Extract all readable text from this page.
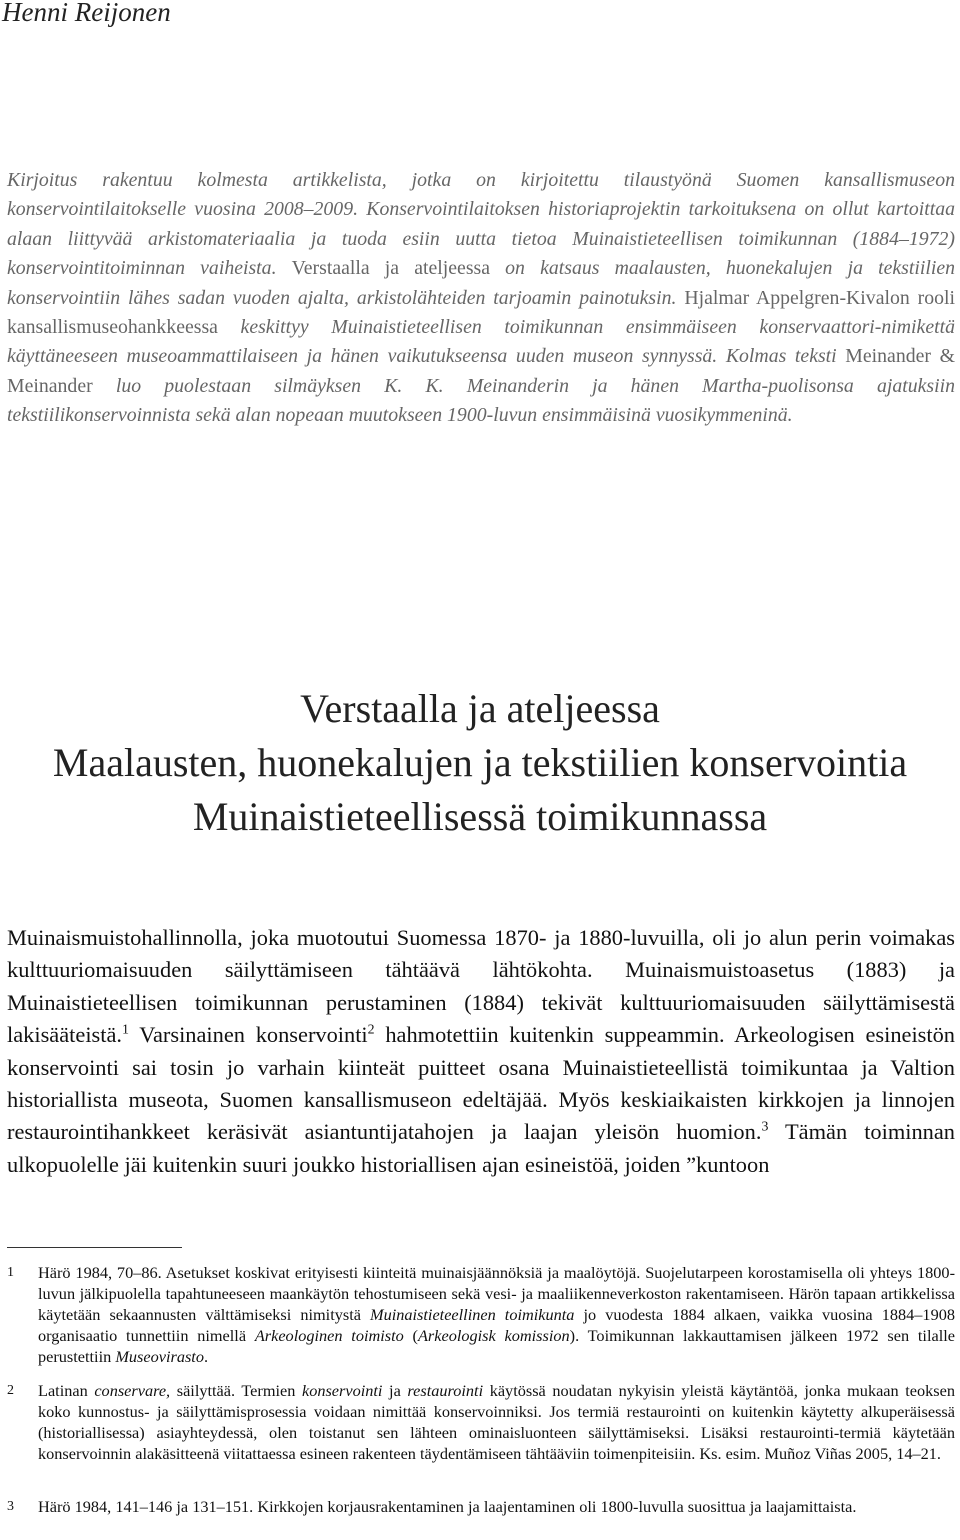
Henni Reijonen
Kirjoitus rakentuu kolmesta artikkelista, jotka on kirjoitettu tilaustyönä Suomen kansallismuseon konservointilaitokselle vuosina 2008–2009. Konservointilaitoksen historiaprojektin tarkoituksena on ollut kartoittaa alaan liittyvää arkistomateriaalia ja tuoda esiin uutta tietoa Muinaistieteellisen toimikunnan (1884–1972) konservointitoiminnan vaiheista. Verstaalla ja ateljeessa on katsaus maalausten, huonekalujen ja tekstiilien konservointiin lähes sadan vuoden ajalta, arkistolähteiden tarjoamin painotuksin. Hjalmar Appelgren-Kivalon rooli kansallismuseohankkeessa keskittyy Muinaistieteellisen toimikunnan ensimmäiseen konservaattori-nimikettä käyttäneeseen museoammattilaiseen ja hänen vaikutukseensa uuden museon synnyssä. Kolmas teksti Meinander & Meinander luo puolestaan silmäyksen K. K. Meinanderin ja hänen Martha-puolisonsa ajatuksiin tekstiilikonservoinnista sekä alan nopeaan muutokseen 1900-luvun ensimmäisinä vuosikymmeninä.
Verstaalla ja ateljeessa
Maalausten, huonekalujen ja tekstiilien konservointia
Muinaistieteellisessä toimikunnassa
Muinaismuistohallinnolla, joka muotoutui Suomessa 1870- ja 1880-luvuilla, oli jo alun perin voimakas kulttuuriomaisuuden säilyttämiseen tähtäävä lähtökohta. Muinaismuistoasetus (1883) ja Muinaistieteellisen toimikunnan perustaminen (1884) tekivät kulttuuriomaisuuden säilyttämisestä lakisääteistä.$^1$ Varsinainen konservointi$^2$ hahmotettiin kuitenkin suppeammin. Arkeologisen esineistön konservointi sai tosin jo varhain kiinteät puitteet osana Muinaistieteellistä toimikuntaa ja Valtion historiallista museota, Suomen kansallismuseon edeltäjää. Myös keskiaikaisten kirkkojen ja linnojen restaurointihankkeet keräsivät asiantuntijatahojen ja laajan yleisön huomion.$^3$ Tämän toiminnan ulkopuolelle jäi kuitenkin suuri joukko historiallisen ajan esineistöä, joiden ”kuntoon
1	Härö 1984, 70–86. Asetukset koskivat erityisesti kiinteitä muinaisjäännöksiä ja maalöytöjä. Suojelutarpeen korostamisella oli yhteys 1800-luvun jälkipuolella tapahtuneeseen maankäytön tehostumiseen sekä vesi- ja maaliikenneverkoston rakentamiseen. Härön tapaan artikkelissa käytetään sekaannusten välttämiseksi nimitystä Muinaistieteellinen toimikunta jo vuodesta 1884 alkaen, vaikka vuosina 1884–1908 organisaatio tunnettiin nimellä Arkeologinen toimisto (Arkeologisk komission). Toimikunnan lakkauttamisen jälkeen 1972 sen tilalle perustettiin Museovirasto.
2	Latinan conservare, säilyttää. Termien konservointi ja restaurointi käytössä noudatan nykyisin yleistä käytäntöä, jonka mukaan teoksen koko kunnostus- ja säilyttämisprosessia voidaan nimittää konservoinniksi. Jos termiä restaurointi on kuitenkin käytetty alkuperäisessä (historiallisessa) asiayhteydessä, olen toistanut sen lähteen ominaisluonteen säilyttämiseksi. Lisäksi restaurointi-termiä käytetään konservoinnin alakäsitteenä viitattaessa esineen rakenteen täydentämiseen tähtääviin toimenpiteisiin. Ks. esim. Muñoz Viñas 2005, 14–21.
3	Härö 1984, 141–146 ja 131–151. Kirkkojen korjausrakentaminen ja laajentaminen oli 1800-luvulla suosittua ja laajamittaista.
